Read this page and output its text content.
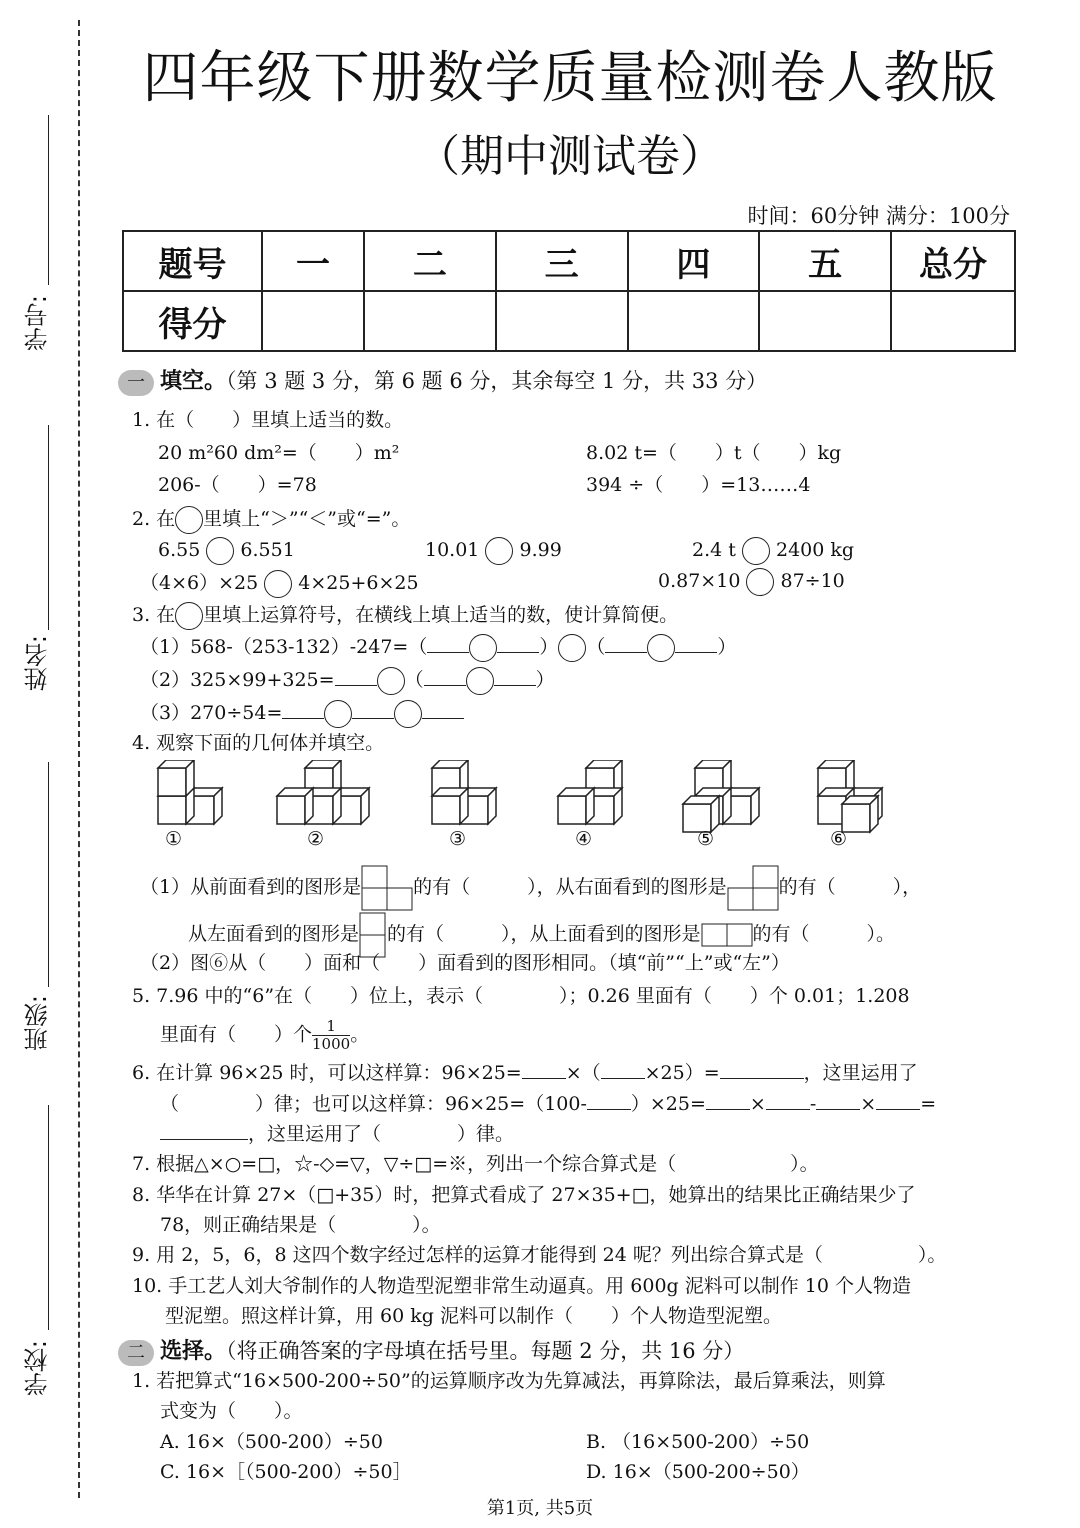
学号:
姓名:
班级:
学校:
四年级下册数学质量检测卷人教版
（期中测试卷）
时间：60分钟 满分：100分
题号	一	二	三	四	五	总分
得分						
一 填空。（第 3 题 3 分，第 6 题 6 分，其余每空 1 分，共 33 分）
1. 在（　　）里填上适当的数。
20 m²60 dm²=（　　）m²	8.02 t=（　　）t（　　）kg
206-（　　）=78	394 ÷（　　）=13……4
2. 在 里填上“＞”“＜”或“=”。
6.55 6.551	10.01 9.99	2.4 t 2400 kg
（4×6）×25 4×25+6×25	0.87×10 87÷10
3. 在 里填上运算符号，在横线上填上适当的数，使计算简便。
（1）568-（253-132）-247=（	） （	）
（2）325×99+325=	（	）
（3）270÷54=
4. 观察下面的几何体并填空。
①	②	③	④	⑤	⑥
（1）从前面看到的图形是	的有（　　　），从右面看到的图形是	的有（　　　），
从左面看到的图形是 的有（　　　），从上面看到的图形是	的有（　　　）。
（2）图⑥从（　　）面和（　　）面看到的图形相同。（填“前”“上”或“左”）
5. 7.96 中的“6”在（　　）位上，表示（　　　　）；0.26 里面有（　　）个 0.01；1.208
里面有（　　）个 $\frac{1}{1000}$ 。
6. 在计算 96×25 时，可以这样算：96×25= ×（ ×25）=	，这里运用了
（　　　　）律；也可以这样算：96×25=（100- ）×25= × - × =
，这里运用了（　　　　）律。
7. 根据△×○=□，☆-◇=▽，▽÷□=※，列出一个综合算式是（　　　　　　）。
8. 华华在计算 27×（□+35）时，把算式看成了 27×35+□，她算出的结果比正确结果少了
78，则正确结果是（　　　　）。
9. 用 2，5，6，8 这四个数字经过怎样的运算才能得到 24 呢？列出综合算式是（　　　　　）。
10. 手工艺人刘大爷制作的人物造型泥塑非常生动逼真。用 600g 泥料可以制作 10 个人物造
型泥塑。照这样计算，用 60 kg 泥料可以制作（　　）个人物造型泥塑。
二 选择。（将正确答案的字母填在括号里。每题 2 分，共 16 分）
1. 若把算式“16×500-200÷50”的运算顺序改为先算减法，再算除法，最后算乘法，则算
式变为（　　）。
A. 16×（500-200）÷50	B. （16×500-200）÷50
C. 16×［（500-200）÷50］	D. 16×（500-200÷50）
第1页, 共5页
